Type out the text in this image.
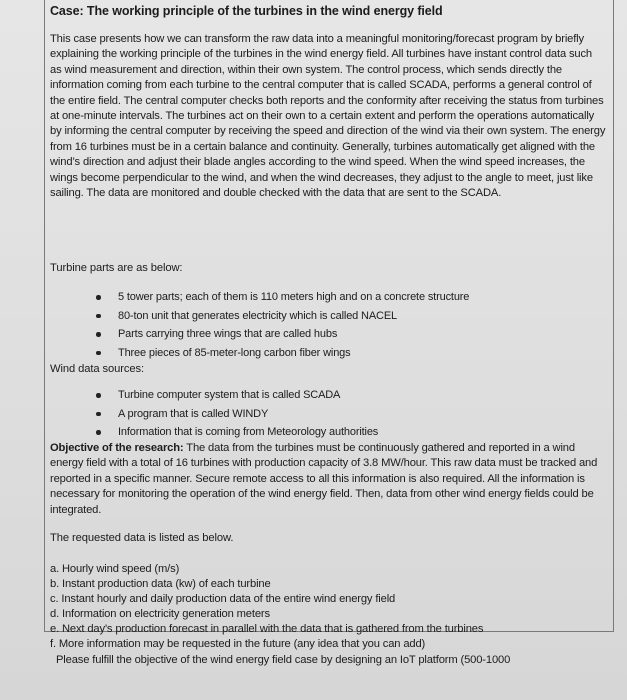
Case: The working principle of the turbines in the wind energy field
This case presents how we can transform the raw data into a meaningful monitoring/forecast program by briefly explaining the working principle of the turbines in the wind energy field. All turbines have instant control data such as wind measurement and direction, within their own system. The control process, which sends directly the information coming from each turbine to the central computer that is called SCADA, performs a general control of the entire field. The central computer checks both reports and the conformity after receiving the status from turbines at one-minute intervals. The turbines act on their own to a certain extent and perform the operations automatically by informing the central computer by receiving the speed and direction of the wind via their own system. The energy from 16 turbines must be in a certain balance and continuity. Generally, turbines automatically get aligned with the wind’s direction and adjust their blade angles according to the wind speed. When the wind speed increases, the wings become perpendicular to the wind, and when the wind decreases, they adjust to the angle to meet, just like sailing. The data are monitored and double checked with the data that are sent to the SCADA.
Turbine parts are as below:
5 tower parts; each of them is 110 meters high and on a concrete structure
80-ton unit that generates electricity which is called NACEL
Parts carrying three wings that are called hubs
Three pieces of 85-meter-long carbon fiber wings
Wind data sources:
Turbine computer system that is called SCADA
A program that is called WINDY
Information that is coming from Meteorology authorities
Objective of the research: The data from the turbines must be continuously gathered and reported in a wind energy field with a total of 16 turbines with production capacity of 3.8 MW/hour. This raw data must be tracked and reported in a specific manner. Secure remote access to all this information is also required. All the information is necessary for monitoring the operation of the wind energy field. Then, data from other wind energy fields could be integrated.
The requested data is listed as below.
a. Hourly wind speed (m/s)
b. Instant production data (kw) of each turbine
c. Instant hourly and daily production data of the entire wind energy field
d. Information on electricity generation meters
e. Next day's production forecast in parallel with the data that is gathered from the turbines
f. More information may be requested in the future (any idea that you can add)
Please fulfill the objective of the wind energy field case by designing an IoT platform (500-1000
